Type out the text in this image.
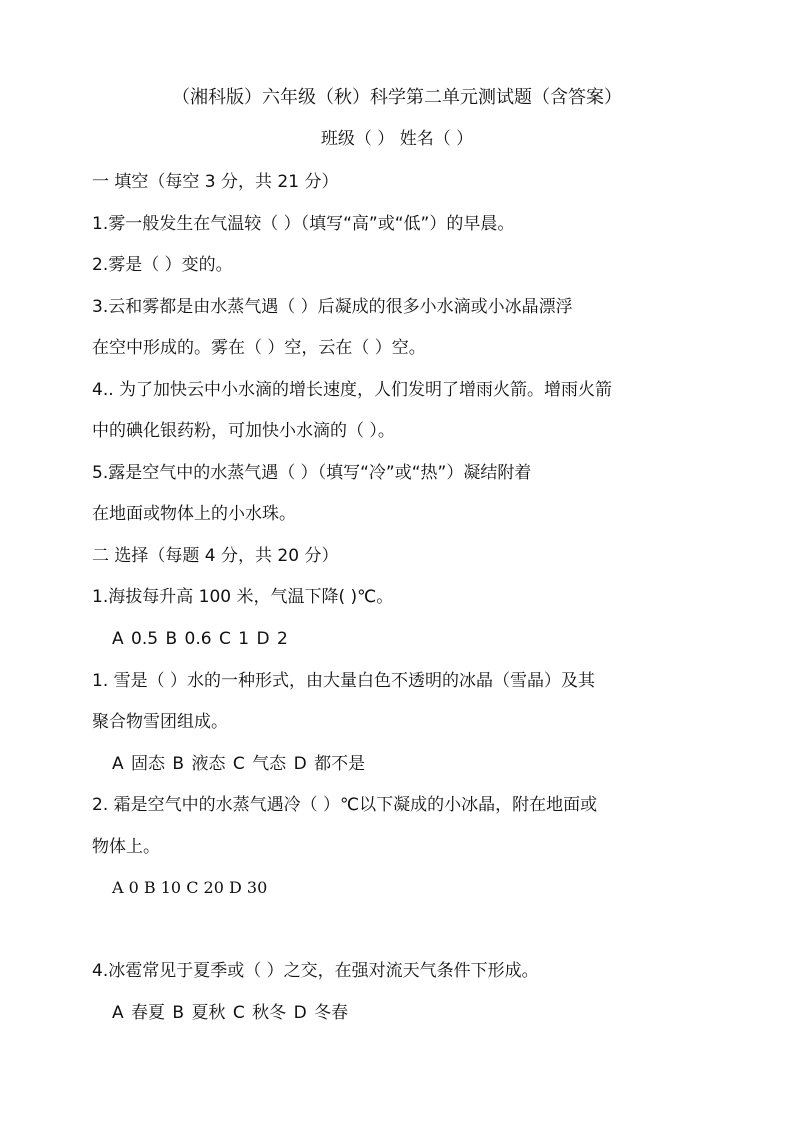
（湘科版）六年级（秋）科学第二单元测试题（含答案）
班级（ ） 姓名（ ）
一 填空（每空 3 分，共 21 分）
1.雾一般发生在气温较（ ）（填写“高”或“低”）的早晨。
2.雾是（ ）变的。
3.云和雾都是由水蒸气遇（ ）后凝成的很多小水滴或小冰晶漂浮
在空中形成的。雾在（ ）空，云在（ ）空。
4.. 为了加快云中小水滴的增长速度，人们发明了增雨火箭。增雨火箭
中的碘化银药粉，可加快小水滴的（ ）。
5.露是空气中的水蒸气遇（ ）（填写“冷”或“热”）凝结附着
在地面或物体上的小水珠。
二 选择（每题 4 分，共 20 分）
1.海拔每升高 100 米，气温下降( )℃。
A 0.5 B 0.6 C 1 D 2
1. 雪是（ ）水的一种形式，由大量白色不透明的冰晶（雪晶）及其
聚合物雪团组成。
A 固态 B 液态 C 气态 D 都不是
2. 霜是空气中的水蒸气遇冷（ ）℃以下凝成的小冰晶，附在地面或
物体上。
A 0 B 10 C 20 D 30
4.冰雹常见于夏季或（ ）之交，在强对流天气条件下形成。
A 春夏 B 夏秋 C 秋冬 D 冬春
